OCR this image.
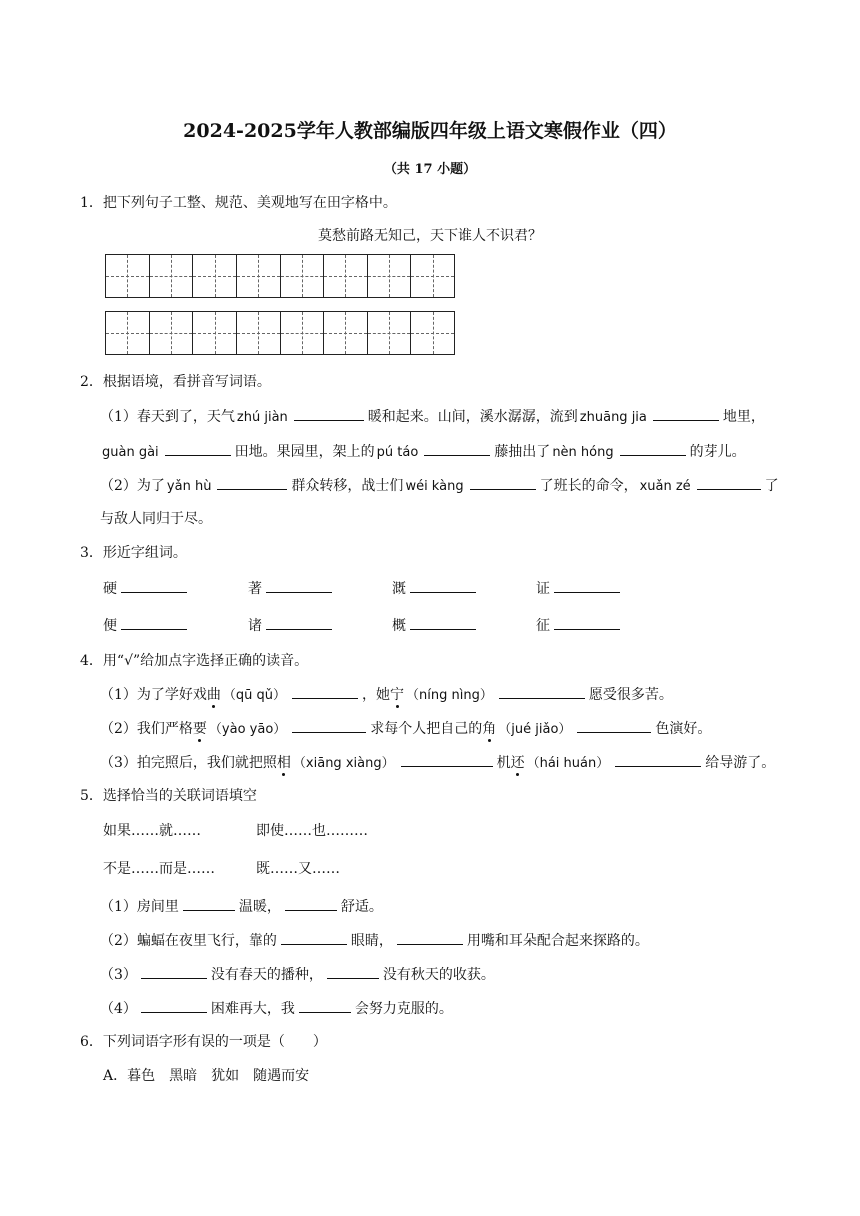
2024-2025学年人教部编版四年级上语文寒假作业（四）
（共 17 小题）
1．把下列句子工整、规范、美观地写在田字格中。
莫愁前路无知己，天下谁人不识君？
2．根据语境，看拼音写词语。
（1）春天到了，天气 zhú jiàn	暖和起来。山间，溪水潺潺，流到 zhuāng jia	地里，
guàn gài	田地。果园里，架上的 pú táo	藤抽出了 nèn hóng	的芽儿。
（2）为了 yǎn hù	群众转移，战士们 wéi kàng	了班长的命令， xuǎn zé	了
与敌人同归于尽。
3．形近字组词。
硬	著	溉	证
便	诸	概	征
4．用“√”给加点字选择正确的读音。
（1）为了学好戏曲 （qū qǔ）	，她宁 （níng nìng）	愿受很多苦。
（2）我们严格要 （yào yāo）	求每个人把自己的角 （jué jiǎo）	色演好。
（3）拍完照后，我们就把照相 （xiāng xiàng）	机还 （hái huán）	给导游了。
5．选择恰当的关联词语填空
如果……就……	即使……也………
不是……而是……	既……又……
（1）房间里	温暖，	舒适。
（2）蝙蝠在夜里飞行，靠的	眼睛，	用嘴和耳朵配合起来探路的。
（3）	没有春天的播种，	没有秋天的收获。
（4）	困难再大，我	会努力克服的。
6．下列词语字形有误的一项是（　　）
A．暮色　黑暗　犹如　随遇而安
